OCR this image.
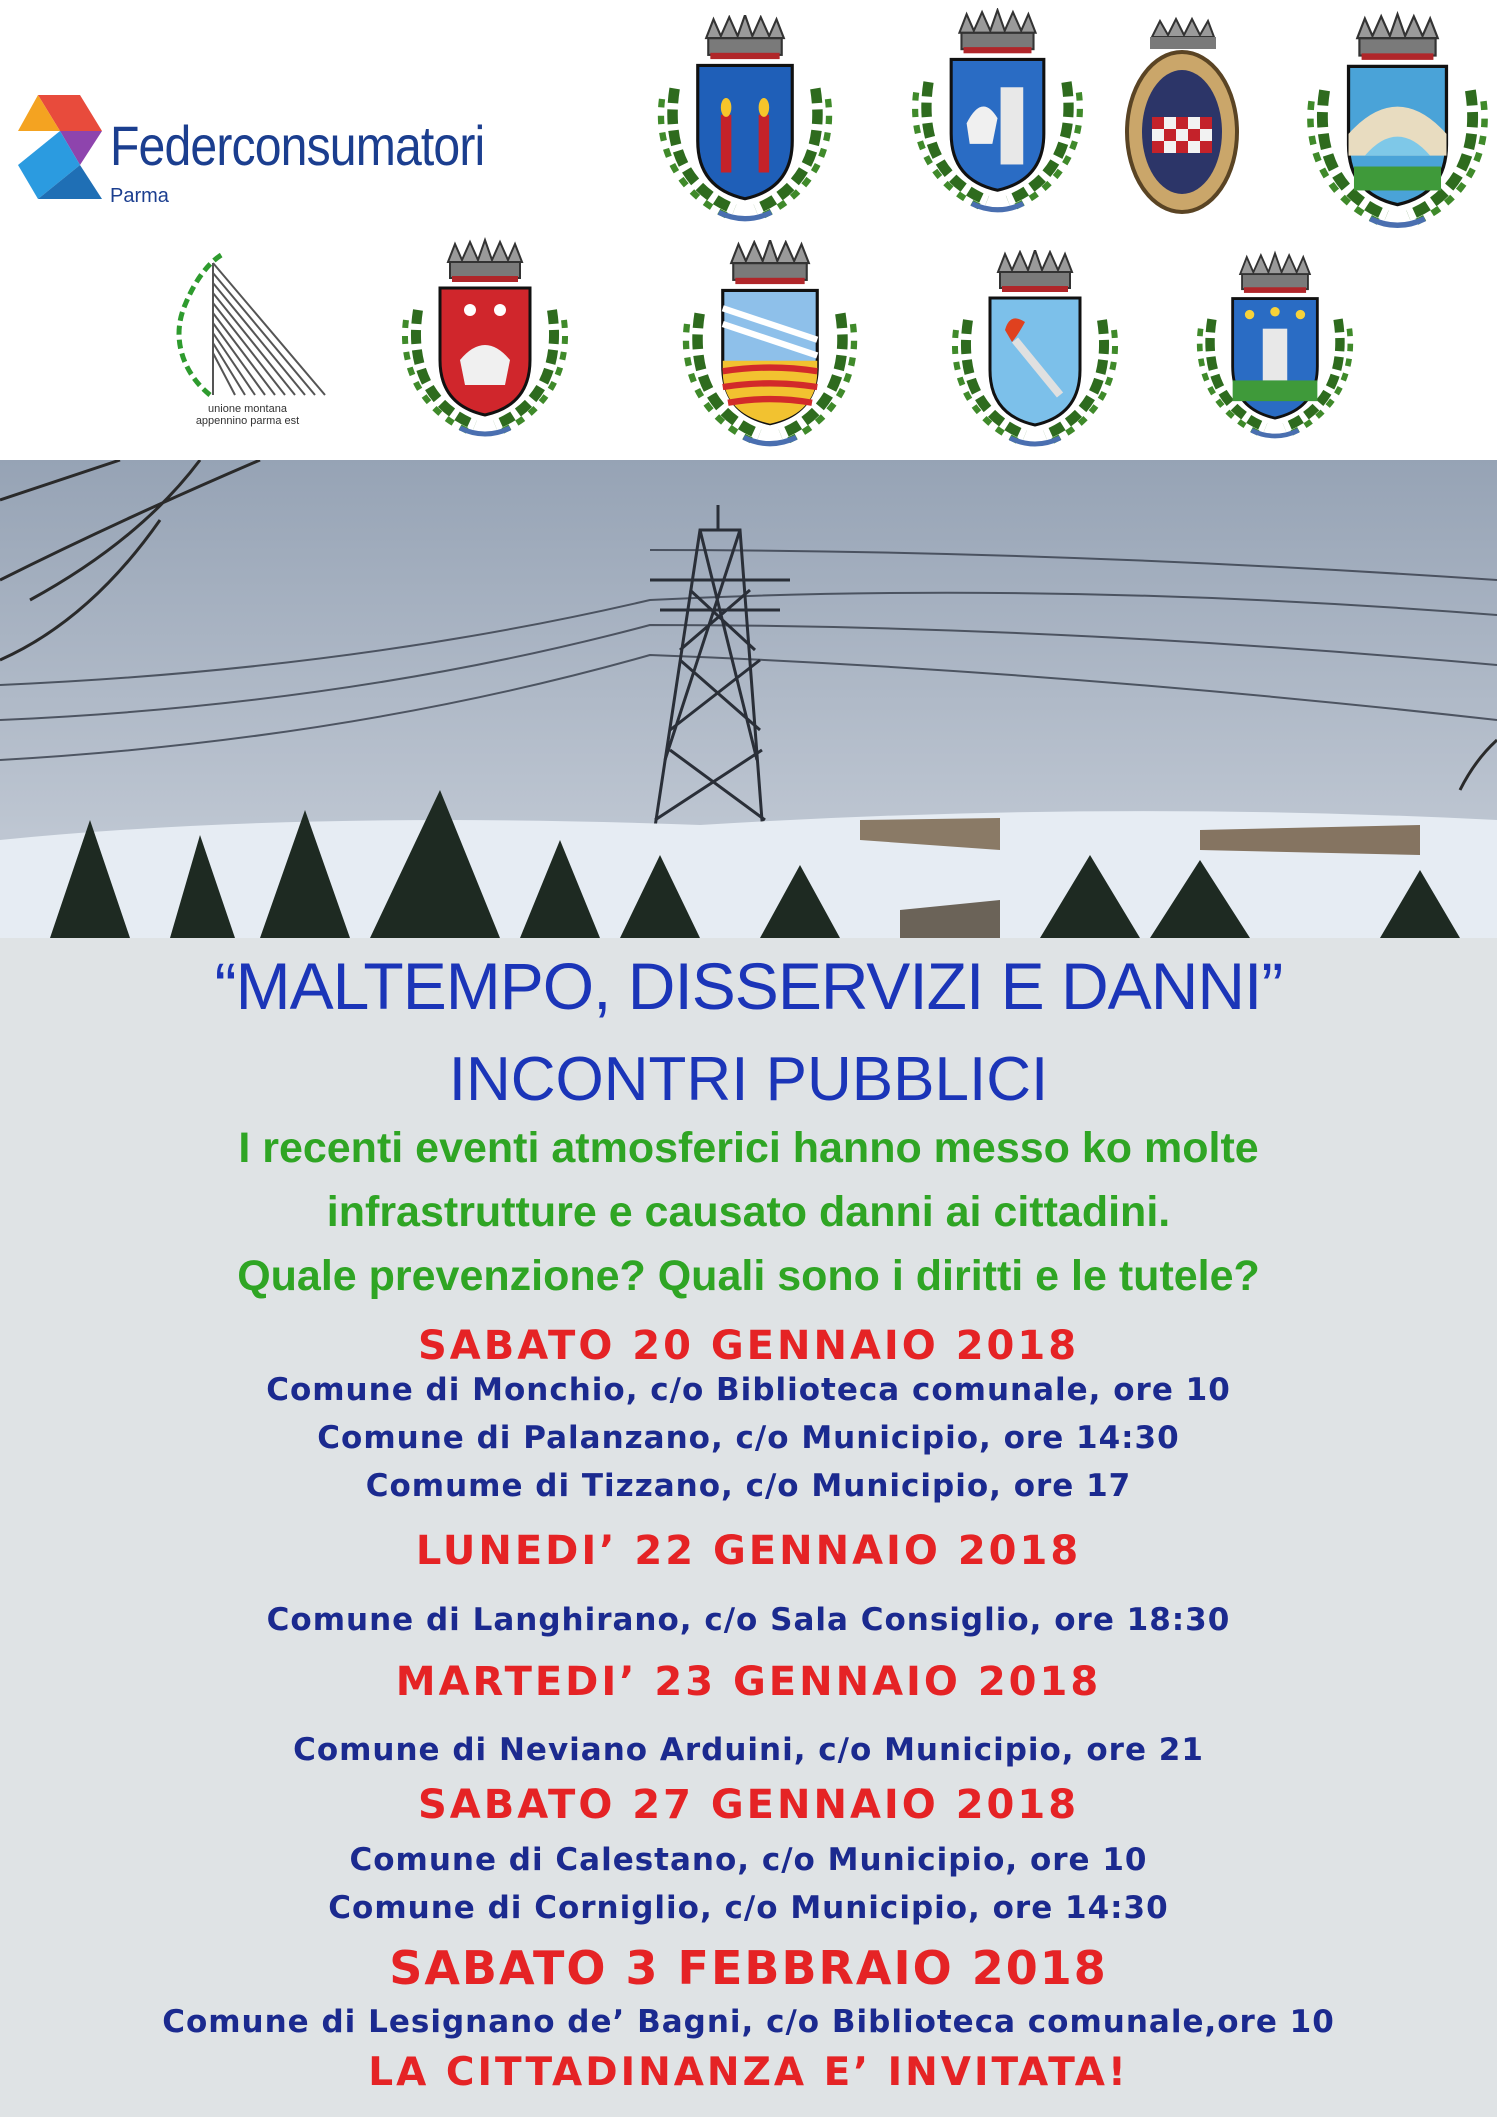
Federconsumatori
Parma
unione montana
appennino parma est
“MALTEMPO, DISSERVIZI E DANNI”
INCONTRI PUBBLICI
I recenti eventi atmosferici hanno messo ko molte
infrastrutture e causato danni ai cittadini.
Quale prevenzione? Quali sono i diritti e le tutele?
SABATO 20 GENNAIO 2018
Comune di Monchio, c/o Biblioteca comunale, ore 10
Comune di Palanzano, c/o Municipio, ore 14:30
Comume di Tizzano, c/o Municipio, ore 17
LUNEDI’ 22 GENNAIO 2018
Comune di Langhirano, c/o Sala Consiglio, ore 18:30
MARTEDI’ 23 GENNAIO 2018
Comune di Neviano Arduini, c/o Municipio, ore 21
SABATO 27 GENNAIO 2018
Comune di Calestano, c/o Municipio, ore 10
Comune di Corniglio, c/o Municipio, ore 14:30
SABATO 3 FEBBRAIO 2018
Comune di Lesignano de’ Bagni, c/o Biblioteca comunale,ore 10
LA CITTADINANZA E’ INVITATA!
